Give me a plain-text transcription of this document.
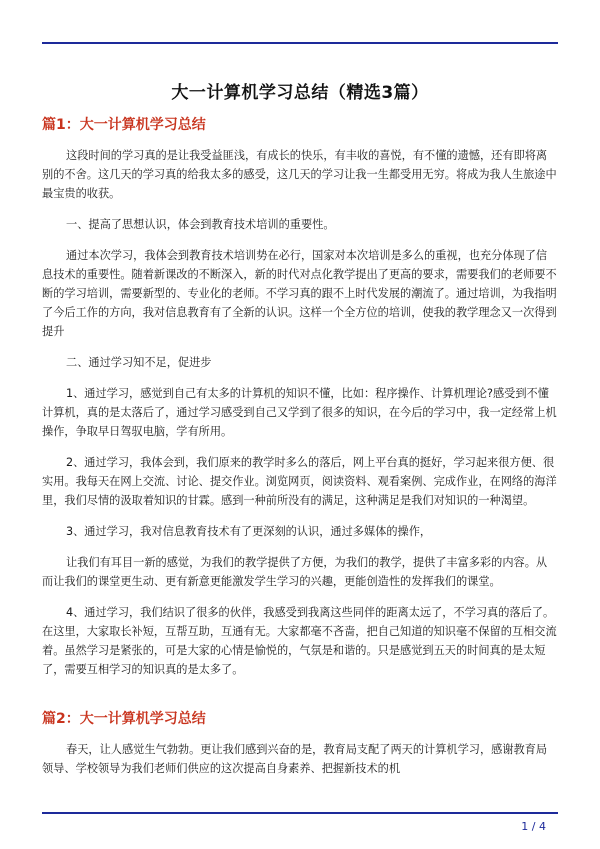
大一计算机学习总结（精选3篇）
篇1：大一计算机学习总结

这段时间的学习真的是让我受益匪浅，有成长的快乐，有丰收的喜悦，有不懂的遗憾，还有即将离别的不舍。这几天的学习真的给我太多的感受，这几天的学习让我一生都受用无穷。将成为我人生旅途中最宝贵的收获。

一、提高了思想认识，体会到教育技术培训的重要性。

通过本次学习，我体会到教育技术培训势在必行，国家对本次培训是多么的重视，也充分体现了信息技术的重要性。随着新课改的不断深入，新的时代对点化教学提出了更高的要求，需要我们的老师要不断的学习培训，需要新型的、专业化的老师。不学习真的跟不上时代发展的潮流了。通过培训，为我指明了今后工作的方向，我对信息教育有了全新的认识。这样一个全方位的培训，使我的教学理念又一次得到提升

二、通过学习知不足，促进步

1、通过学习，感觉到自己有太多的计算机的知识不懂，比如：程序操作、计算机理论?感受到不懂计算机，真的是太落后了，通过学习感受到自己又学到了很多的知识，在今后的学习中，我一定经常上机操作，争取早日驾驭电脑，学有所用。

2、通过学习，我体会到，我们原来的教学时多么的落后，网上平台真的挺好，学习起来很方便、很实用。我每天在网上交流、讨论、提交作业。浏览网页，阅读资料、观看案例、完成作业，在网络的海洋里，我们尽情的汲取着知识的甘霖。感到一种前所没有的满足，这种满足是我们对知识的一种渴望。

3、通过学习，我对信息教育技术有了更深刻的认识，通过多媒体的操作，

让我们有耳目一新的感觉，为我们的教学提供了方便，为我们的教学，提供了丰富多彩的内容。从而让我们的课堂更生动、更有新意更能激发学生学习的兴趣，更能创造性的发挥我们的课堂。

4、通过学习，我们结识了很多的伙伴，我感受到我离这些同伴的距离太远了，不学习真的落后了。在这里，大家取长补短，互帮互助，互通有无。大家都毫不吝啬，把自己知道的知识毫不保留的互相交流着。虽然学习是紧张的，可是大家的心情是愉悦的，气氛是和谐的。只是感觉到五天的时间真的是太短了，需要互相学习的知识真的是太多了。

篇2：大一计算机学习总结

春天，让人感觉生气勃勃。更让我们感到兴奋的是，教育局支配了两天的计算机学习，感谢教育局领导、学校领导为我们老师们供应的这次提高自身素养、把握新技术的机

1 / 4
